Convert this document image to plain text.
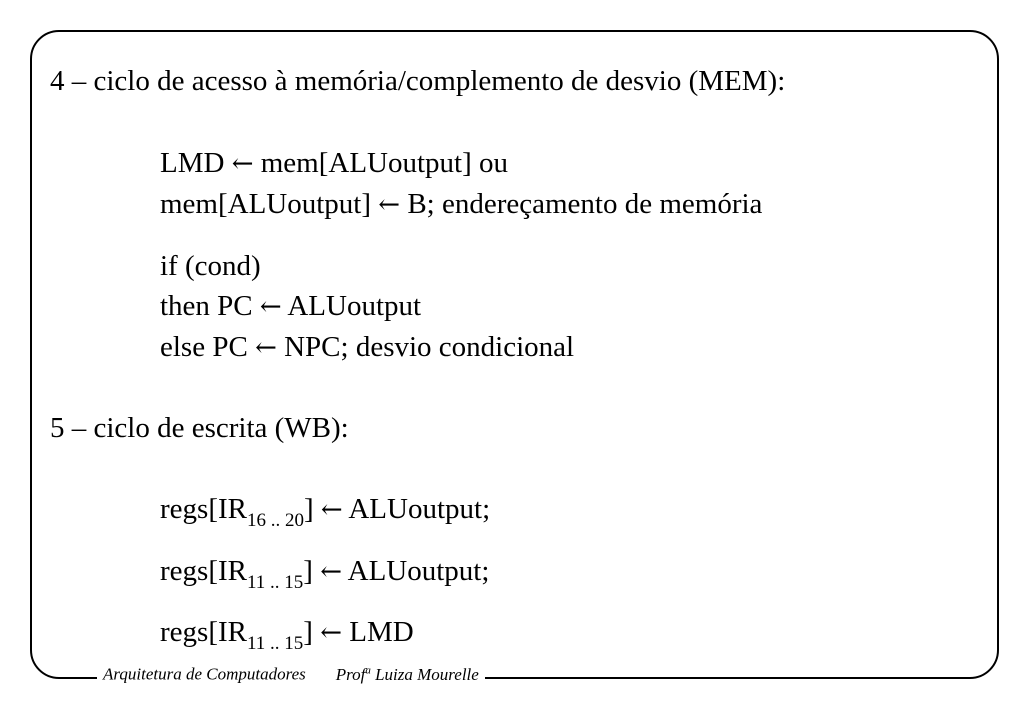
4 – ciclo de acesso à memória/complemento de desvio (MEM):
LMD ← mem[ALUoutput] ou
mem[ALUoutput] ← B; endereçamento de memória
if (cond)
then PC ← ALUoutput
else PC ← NPC; desvio condicional
5 – ciclo de escrita (WB):
$regs[IR_{16 .. 20}]$ ← ALUoutput;
$regs[IR_{11 .. 15}]$ ← ALUoutput;
$regs[IR_{11 .. 15}]$ ← LMD
Arquitetura de Computadores Prof$^a$ Luiza Mourelle
